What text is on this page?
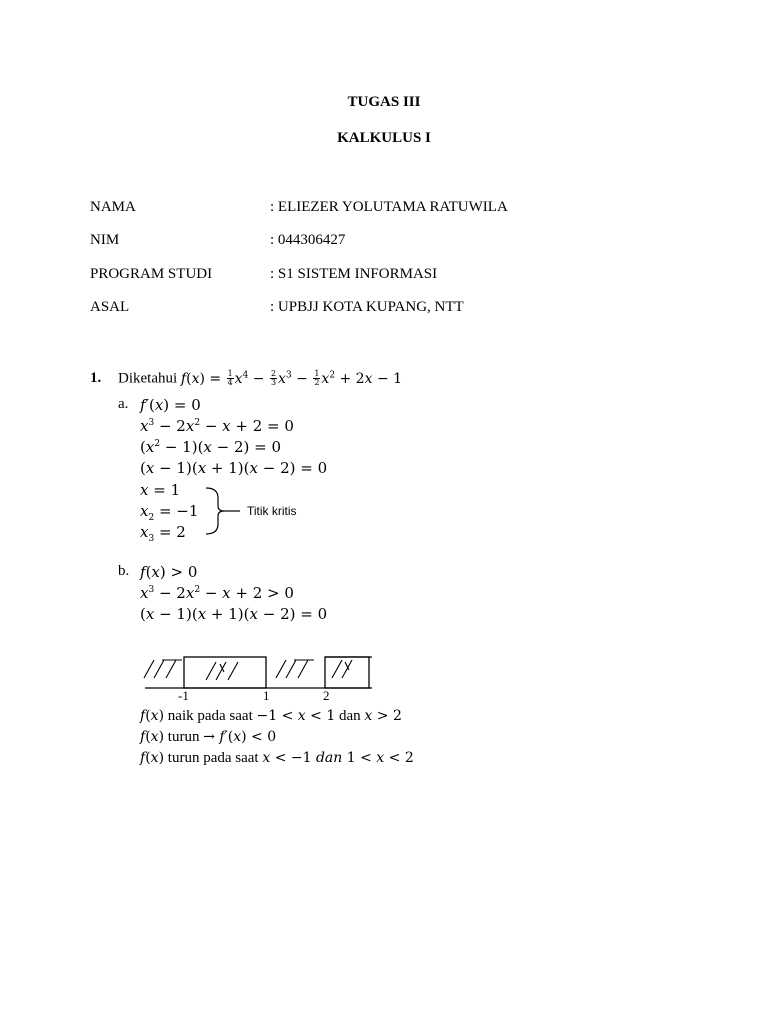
TUGAS III
KALKULUS I
NAMA	: ELIEZER YOLUTAMA RATUWILA
NIM	: 044306427
PROGRAM STUDI	: S1 SISTEM INFORMASI
ASAL	: UPBJJ KOTA KUPANG, NTT
1. Diketahui $f(x) = \frac{1}{4} x^4 - \frac{2}{3} x^3 - \frac{1}{2} x^2 + 2x - 1$
a. f′(x) = 0
$x^3 - 2x^2 - x + 2 = 0$
$(x^2 - 1)(x - 2) = 0$
(x − 1)(x + 1)(x − 2) = 0
x = 1
$x_2 = -1$
$x_3 = 2$
Titik kritis
b. f(x) > 0
$x^3 - 2x^2 - x + 2 > 0$
(x − 1)(x + 1)(x − 2) = 0
-1	1	2
f(x) naik pada saat −1 < x < 1 dan x > 2
f(x) turun → f′(x) < 0
f(x) turun pada saat x < −1 dan 1 < x < 2
